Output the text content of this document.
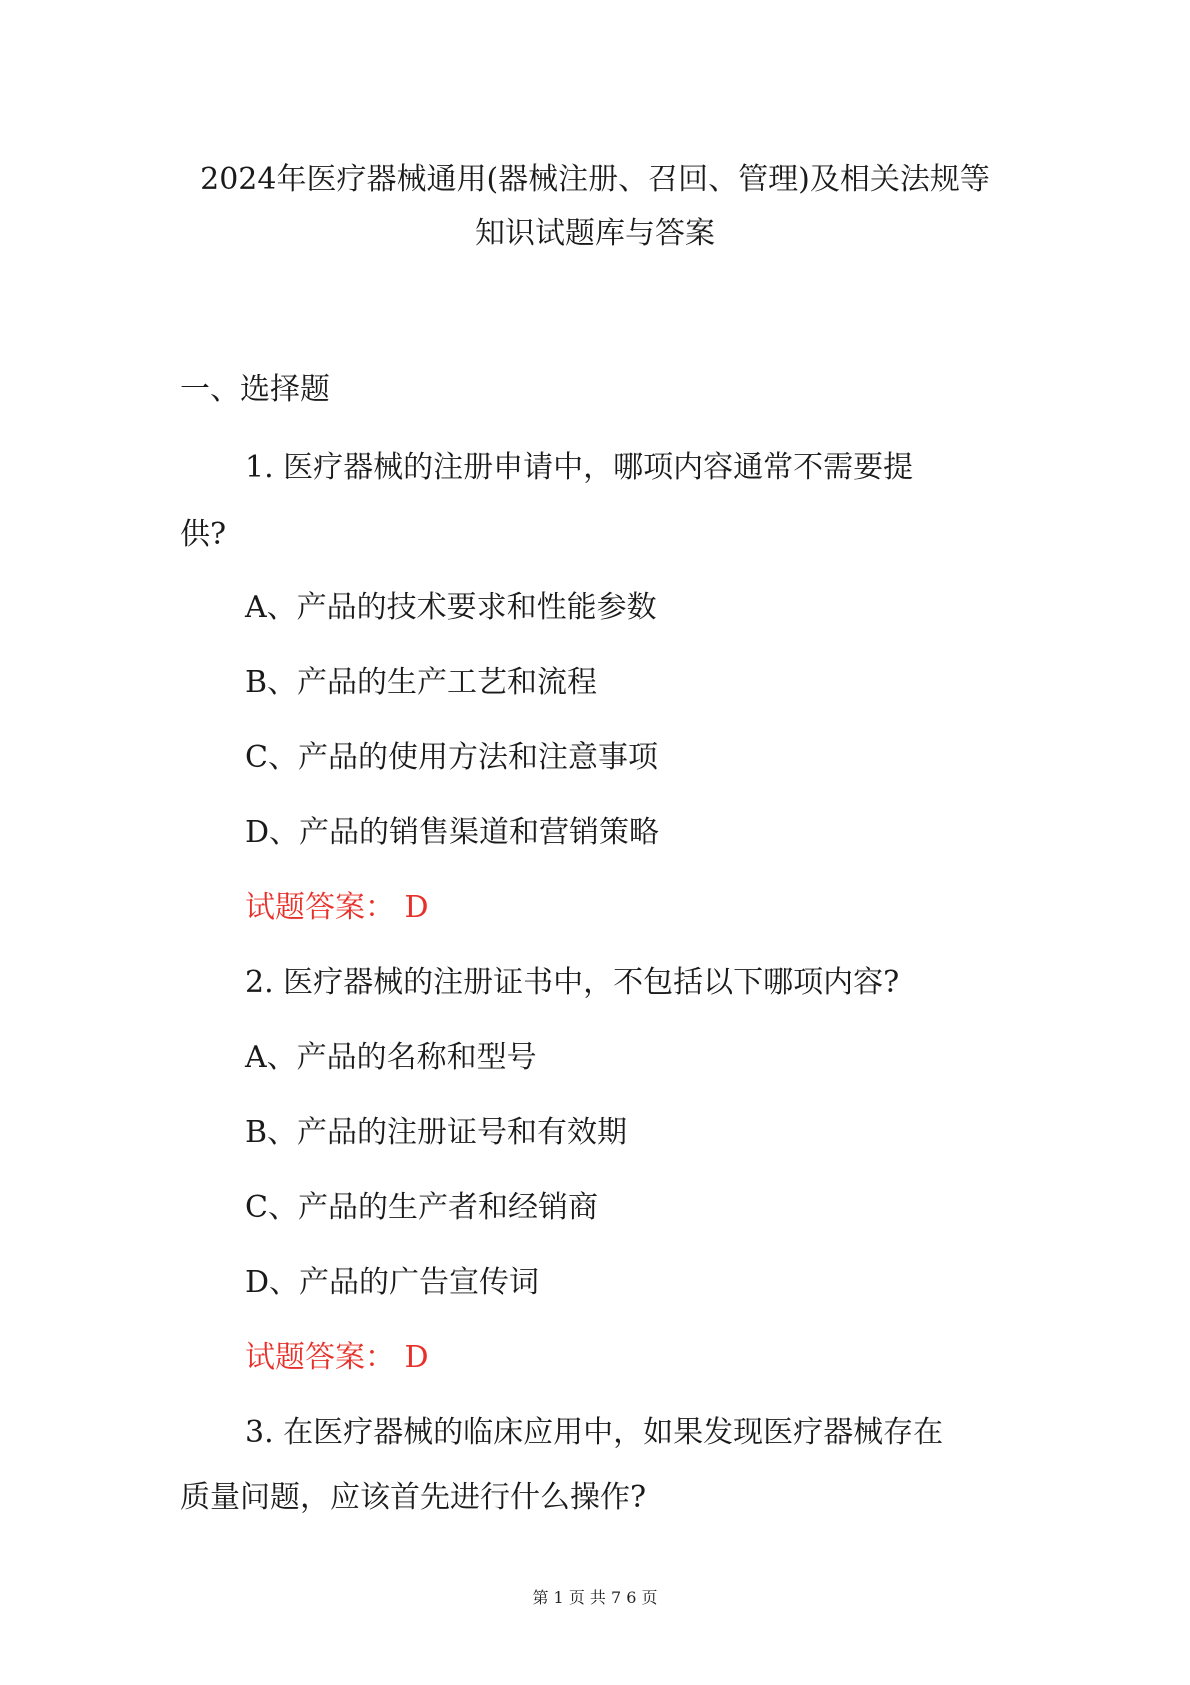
2024年医疗器械通用(器械注册、召回、管理)及相关法规等
知识试题库与答案
一、选择题
1. 医疗器械的注册申请中，哪项内容通常不需要提
供?
A、产品的技术要求和性能参数
B、产品的生产工艺和流程
C、产品的使用方法和注意事项
D、产品的销售渠道和营销策略
试题答案： D
2. 医疗器械的注册证书中，不包括以下哪项内容?
A、产品的名称和型号
B、产品的注册证号和有效期
C、产品的生产者和经销商
D、产品的广告宣传词
试题答案： D
3. 在医疗器械的临床应用中，如果发现医疗器械存在
质量问题，应该首先进行什么操作?
第 1 页 共 7 6 页
